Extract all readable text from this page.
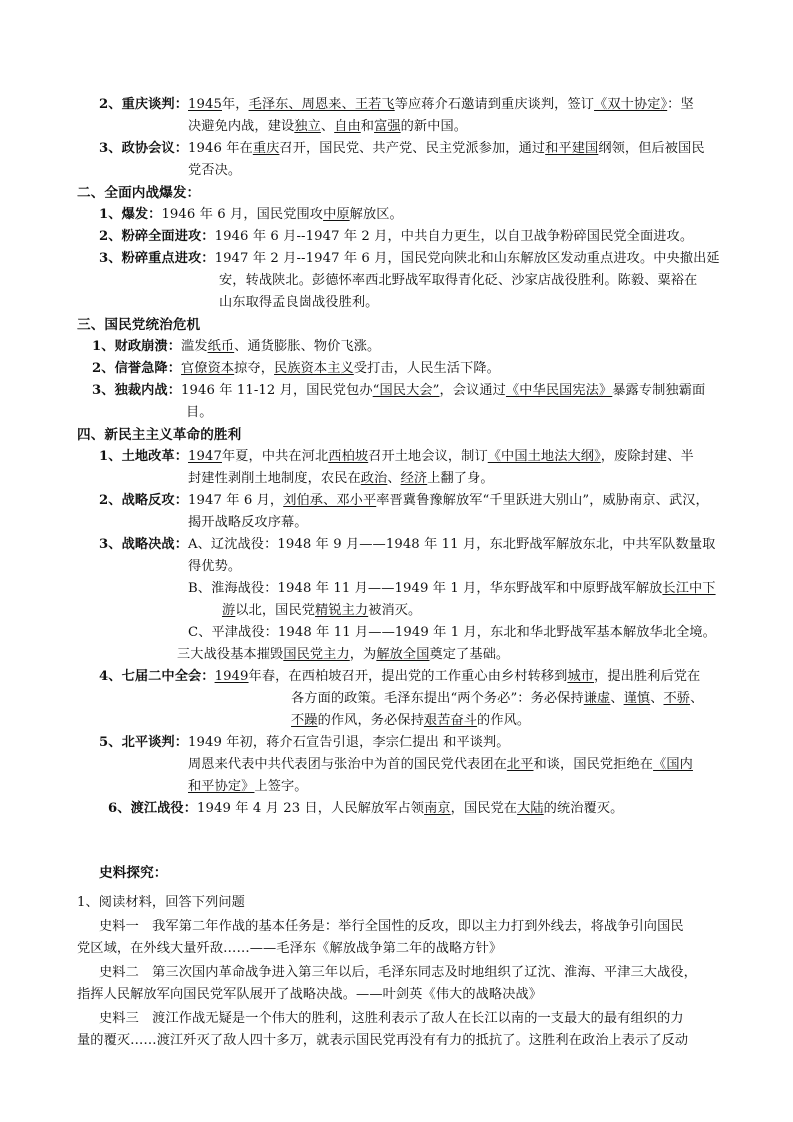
2、重庆谈判：1945年，毛泽东、周恩来、王若飞等应蒋介石邀请到重庆谈判，签订《双十协定》：坚
决避免内战，建设独立、自由和富强的新中国。
3、政协会议：1946 年在重庆召开，国民党、共产党、民主党派参加，通过和平建国纲领，但后被国民
党否决。
二、全面内战爆发：
1、爆发：1946 年 6 月，国民党围攻中原解放区。
2、粉碎全面进攻：1946 年 6 月--1947 年 2 月，中共自力更生，以自卫战争粉碎国民党全面进攻。
3、粉碎重点进攻：1947 年 2 月--1947 年 6 月，国民党向陕北和山东解放区发动重点进攻。中央撤出延
安，转战陕北。彭德怀率西北野战军取得青化砭、沙家店战役胜利。陈毅、粟裕在
山东取得孟良崮战役胜利。
三、国民党统治危机
1、财政崩溃：滥发纸币、通货膨胀、物价飞涨。
2、信誉急降：官僚资本掠夺，民族资本主义受打击，人民生活下降。
3、独裁内战：1946 年 11-12 月，国民党包办“国民大会”，会议通过《中华民国宪法》暴露专制独霸面
目。
四、新民主主义革命的胜利
1、土地改革：1947年夏，中共在河北西柏坡召开土地会议，制订《中国土地法大纲》，废除封建、半
封建性剥削土地制度，农民在政治、经济上翻了身。
2、战略反攻：1947 年 6 月，刘伯承、邓小平率晋冀鲁豫解放军“千里跃进大别山”，威胁南京、武汉，
揭开战略反攻序幕。
3、战略决战：A、辽沈战役：1948 年 9 月——1948 年 11 月，东北野战军解放东北，中共军队数量取
得优势。
B、淮海战役：1948 年 11 月——1949 年 1 月，华东野战军和中原野战军解放长江中下
游以北，国民党精锐主力被消灭。
C、平津战役：1948 年 11 月——1949 年 1 月，东北和华北野战军基本解放华北全境。
三大战役基本摧毁国民党主力，为解放全国奠定了基础。
4、七届二中全会：1949年春，在西柏坡召开，提出党的工作重心由乡村转移到城市，提出胜利后党在
各方面的政策。毛泽东提出“两个务必”：务必保持谦虚、谨慎、不骄、
不躁的作风，务必保持艰苦奋斗的作风。
5、北平谈判：1949 年初，蒋介石宣告引退，李宗仁提出 和平谈判。
周恩来代表中共代表团与张治中为首的国民党代表团在北平和谈，国民党拒绝在《国内
和平协定》上签字。
6、渡江战役：1949 年 4 月 23 日，人民解放军占领南京，国民党在大陆的统治覆灭。
史料探究：
1、阅读材料，回答下列问题
史料一　我军第二年作战的基本任务是：举行全国性的反攻，即以主力打到外线去，将战争引向国民
党区域，在外线大量歼敌……——毛泽东《解放战争第二年的战略方针》
史料二　第三次国内革命战争进入第三年以后，毛泽东同志及时地组织了辽沈、淮海、平津三大战役，
指挥人民解放军向国民党军队展开了战略决战。——叶剑英《伟大的战略决战》
史料三　渡江作战无疑是一个伟大的胜利，这胜利表示了敌人在长江以南的一支最大的最有组织的力
量的覆灭……渡江歼灭了敌人四十多万，就表示国民党再没有有力的抵抗了。这胜利在政治上表示了反动
